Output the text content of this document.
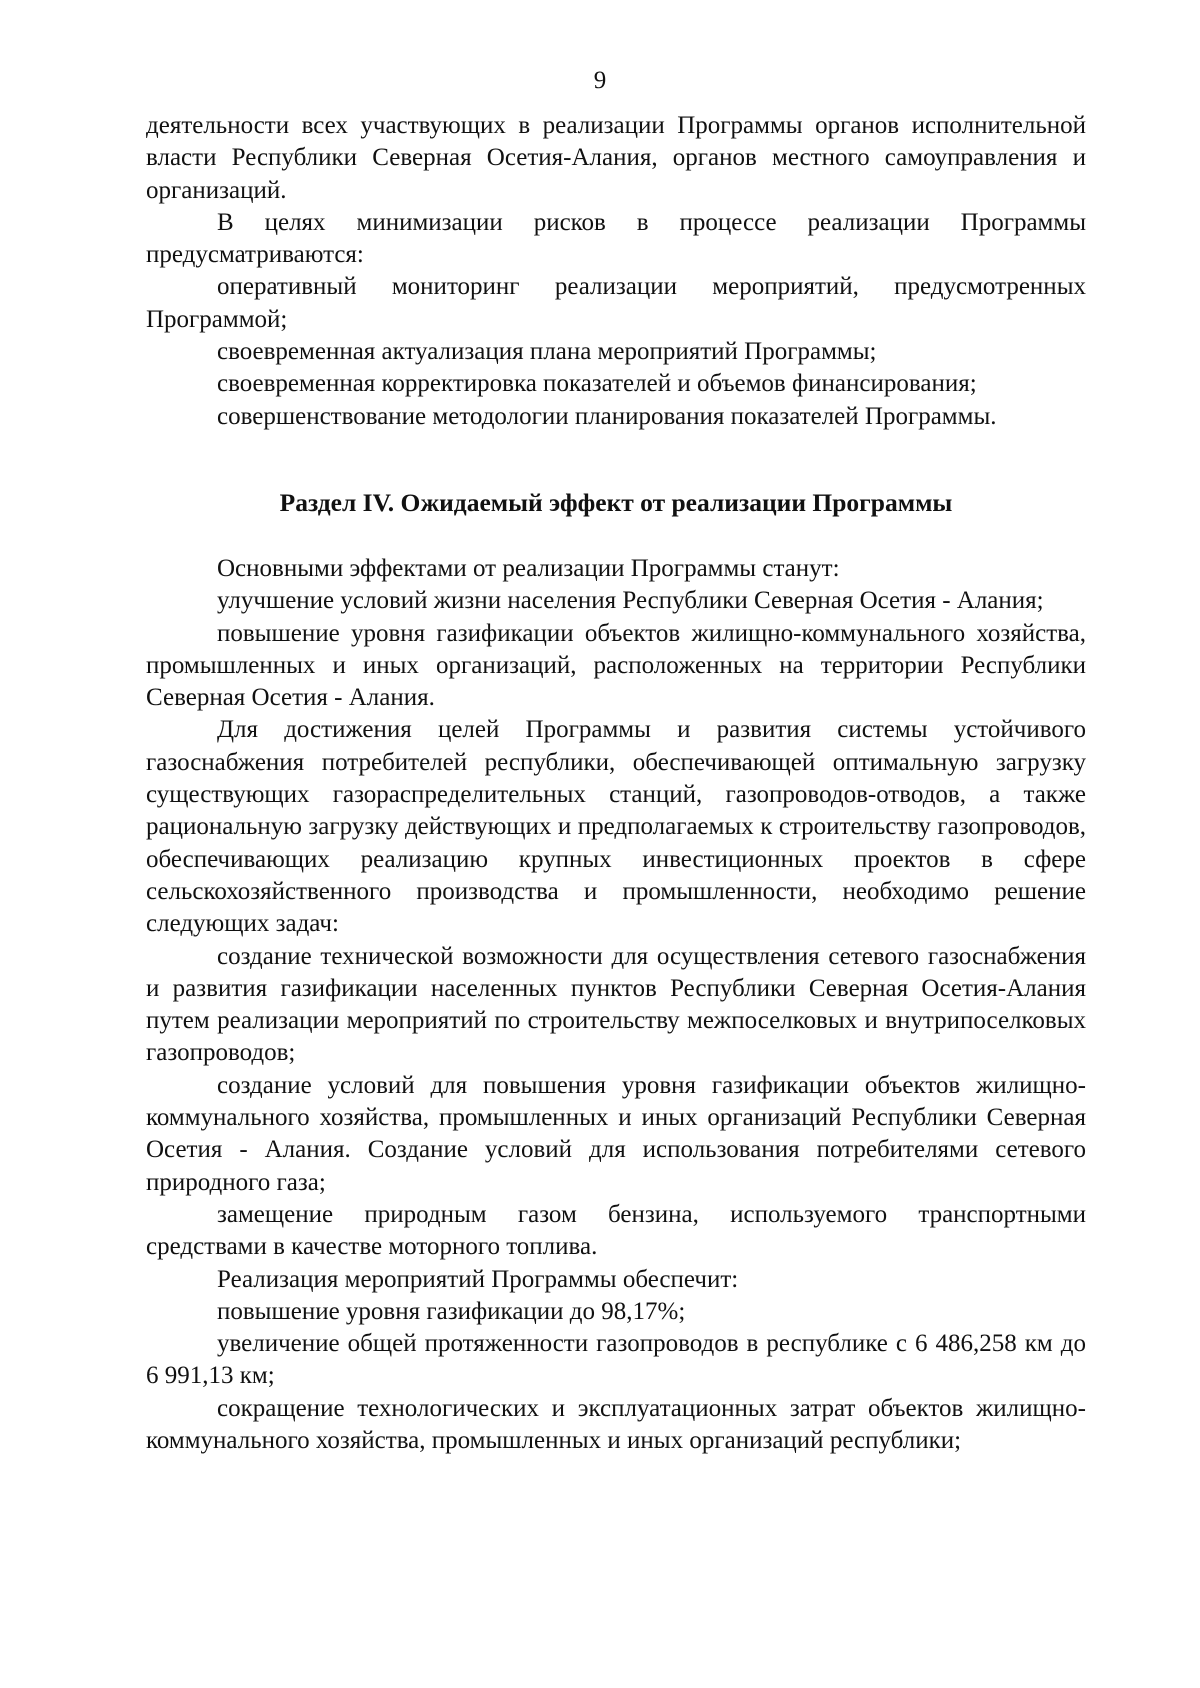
9

деятельности всех участвующих в реализации Программы органов исполнительной власти Республики Северная Осетия-Алания, органов местного самоуправления и организаций.

В целях минимизации рисков в процессе реализации Программы предусматриваются:

оперативный мониторинг реализации мероприятий, предусмотренных Программой;

своевременная актуализация плана мероприятий Программы;

своевременная корректировка показателей и объемов финансирования;

совершенствование методологии планирования показателей Программы.

Раздел IV. Ожидаемый эффект от реализации Программы

Основными эффектами от реализации Программы станут:

улучшение условий жизни населения Республики Северная Осетия - Алания;

повышение уровня газификации объектов жилищно-коммунального хозяйства, промышленных и иных организаций, расположенных на территории Республики Северная Осетия - Алания.

Для достижения целей Программы и развития системы устойчивого газоснабжения потребителей республики, обеспечивающей оптимальную загрузку существующих газораспределительных станций, газопроводов-отводов, а также рациональную загрузку действующих и предполагаемых к строительству газопроводов, обеспечивающих реализацию крупных инвестиционных проектов в сфере сельскохозяйственного производства и промышленности, необходимо решение следующих задач:

создание технической возможности для осуществления сетевого газоснабжения и развития газификации населенных пунктов Республики Северная Осетия-Алания путем реализации мероприятий по строительству межпоселковых и внутрипоселковых газопроводов;

создание условий для повышения уровня газификации объектов жилищно-коммунального хозяйства, промышленных и иных организаций Республики Северная Осетия - Алания. Создание условий для использования потребителями сетевого природного газа;

замещение природным газом бензина, используемого транспортными средствами в качестве моторного топлива.

Реализация мероприятий Программы обеспечит:

повышение уровня газификации до 98,17%;

увеличение общей протяженности газопроводов в республике с 6 486,258 км до 6 991,13 км;

сокращение технологических и эксплуатационных затрат объектов жилищно-коммунального хозяйства, промышленных и иных организаций республики;
